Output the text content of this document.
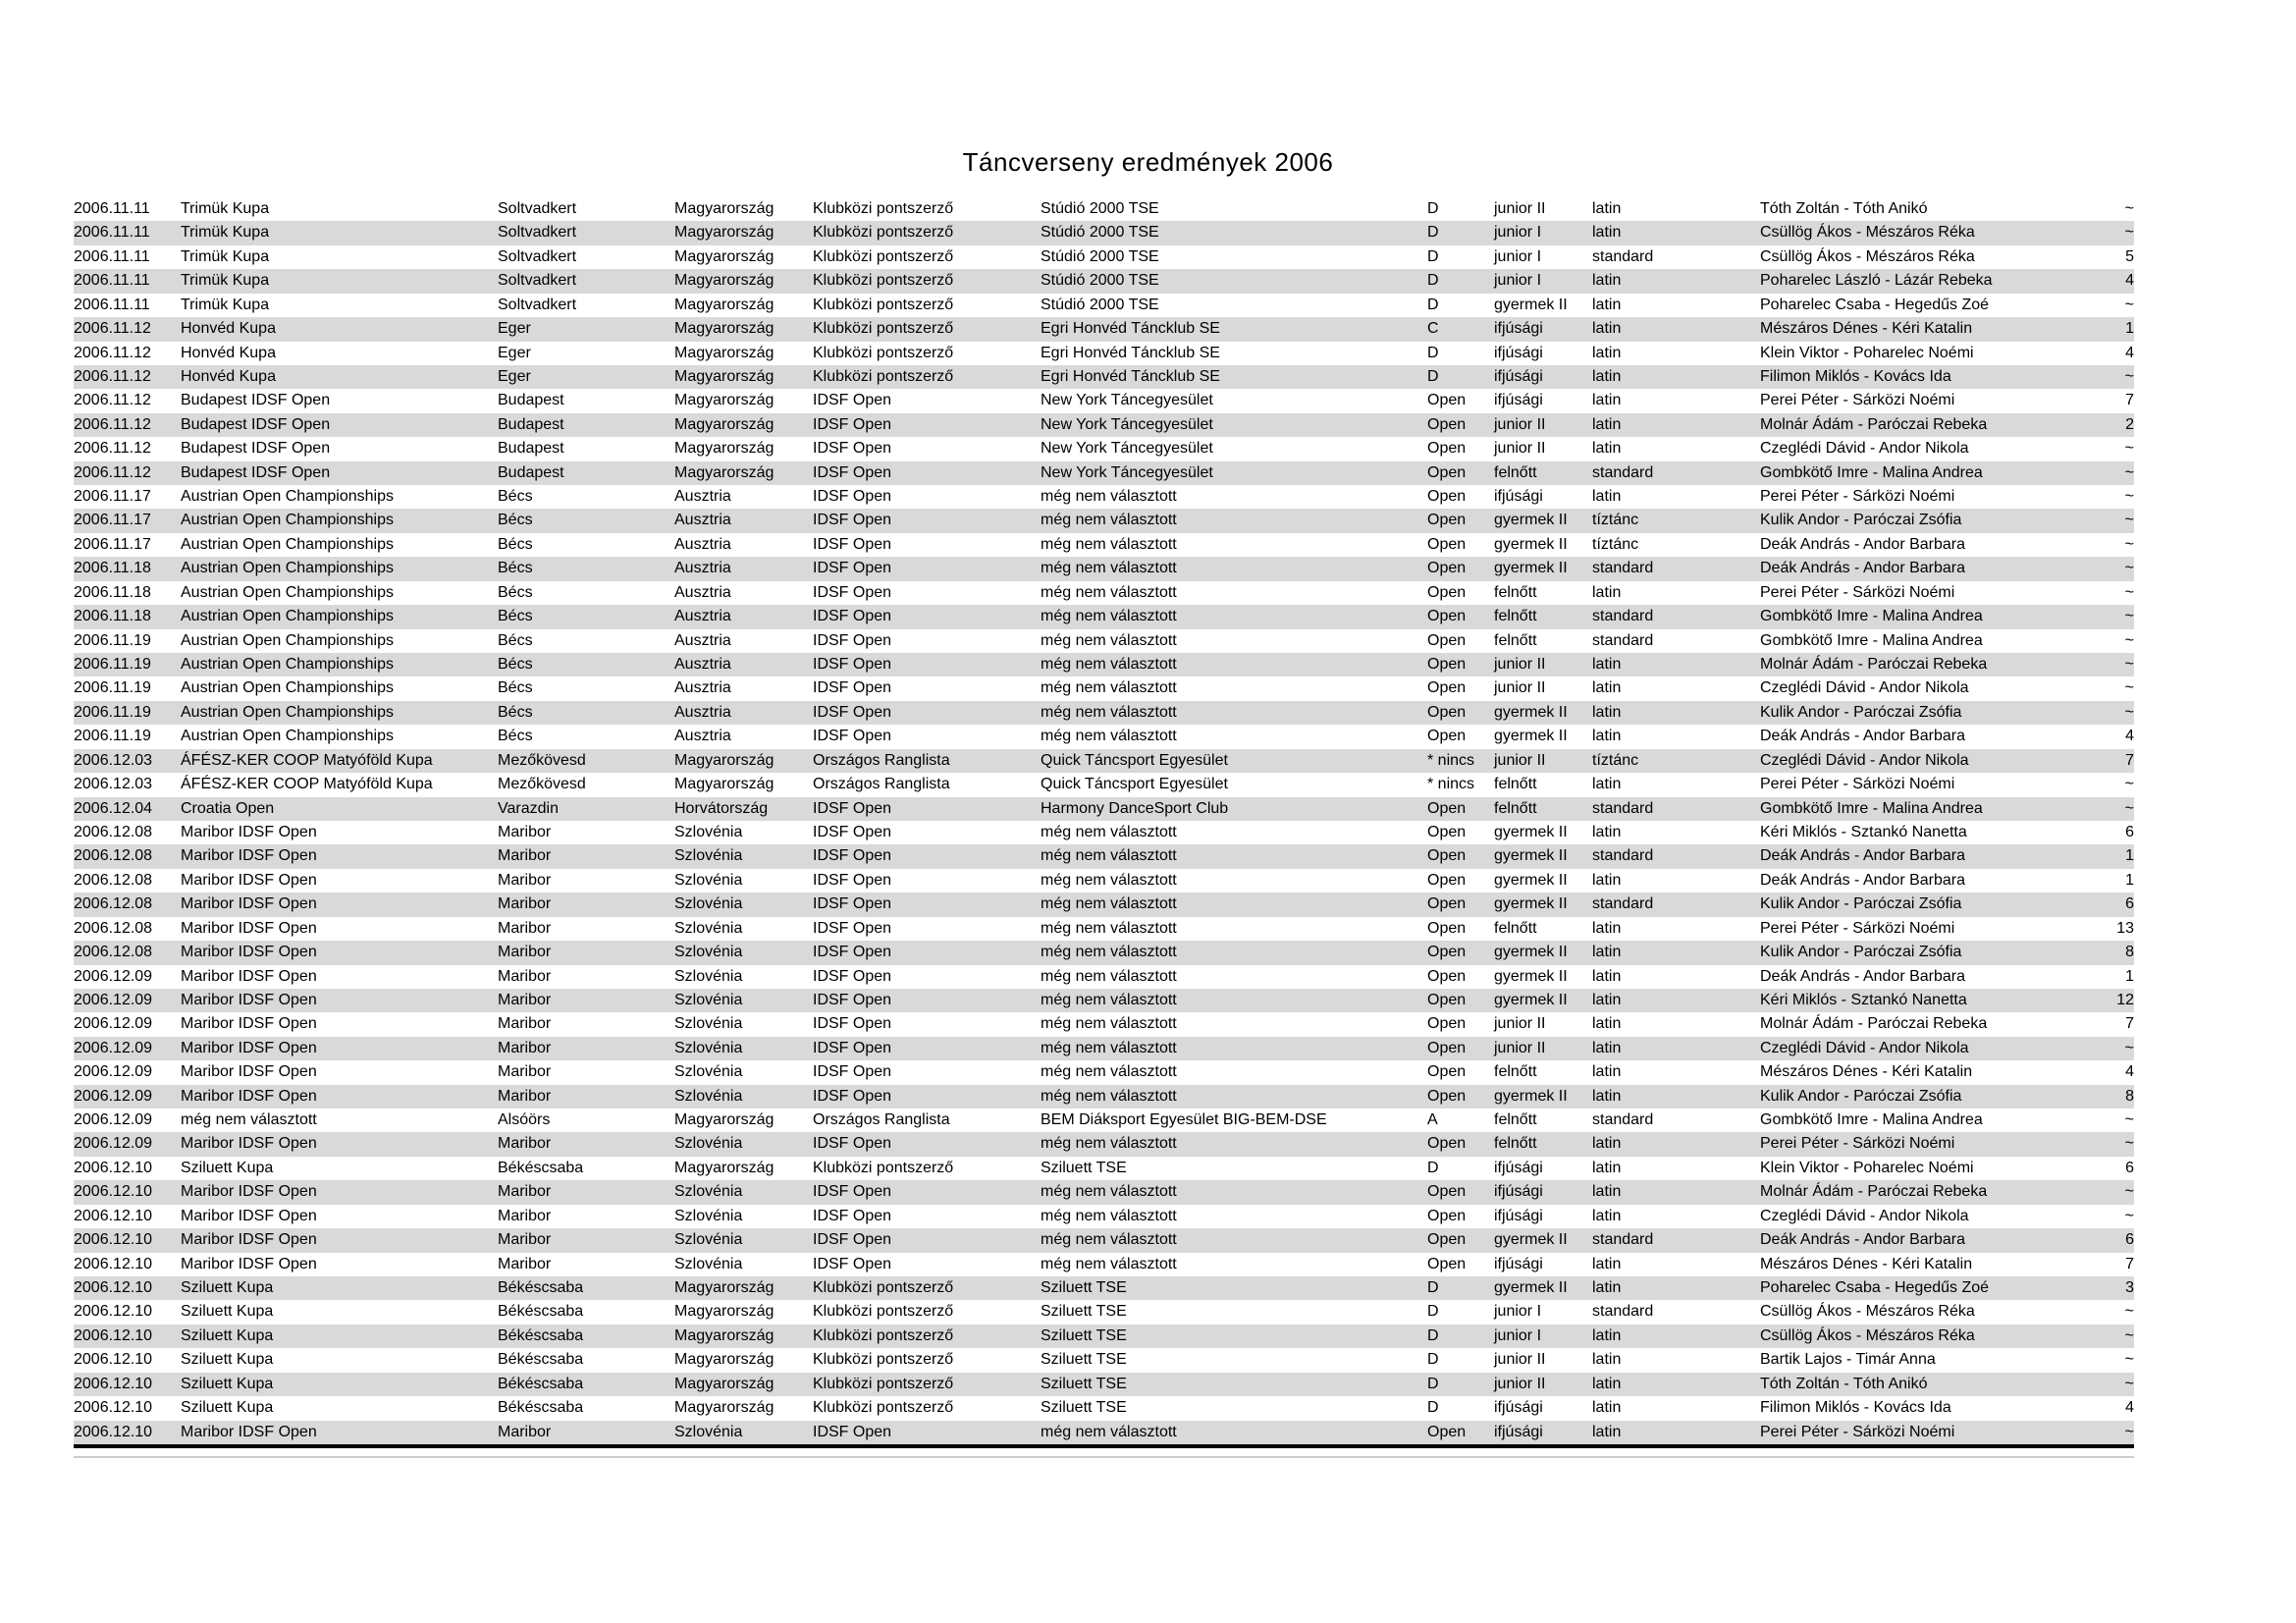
Táncverseny eredmények 2006
2006.11.11	Trimük Kupa	Soltvadkert	Magyarország	Klubközi pontszerző	Stúdió 2000 TSE	D	junior II	latin	Tóth Zoltán - Tóth Anikó	~
2006.11.11	Trimük Kupa	Soltvadkert	Magyarország	Klubközi pontszerző	Stúdió 2000 TSE	D	junior I	latin	Csüllög Ákos - Mészáros Réka	~
2006.11.11	Trimük Kupa	Soltvadkert	Magyarország	Klubközi pontszerző	Stúdió 2000 TSE	D	junior I	standard	Csüllög Ákos - Mészáros Réka	5
2006.11.11	Trimük Kupa	Soltvadkert	Magyarország	Klubközi pontszerző	Stúdió 2000 TSE	D	junior I	latin	Poharelec László - Lázár Rebeka	4
2006.11.11	Trimük Kupa	Soltvadkert	Magyarország	Klubközi pontszerző	Stúdió 2000 TSE	D	gyermek II	latin	Poharelec Csaba - Hegedűs Zoé	~
2006.11.12	Honvéd Kupa	Eger	Magyarország	Klubközi pontszerző	Egri Honvéd Táncklub SE	C	ifjúsági	latin	Mészáros Dénes - Kéri Katalin	1
2006.11.12	Honvéd Kupa	Eger	Magyarország	Klubközi pontszerző	Egri Honvéd Táncklub SE	D	ifjúsági	latin	Klein Viktor - Poharelec Noémi	4
2006.11.12	Honvéd Kupa	Eger	Magyarország	Klubközi pontszerző	Egri Honvéd Táncklub SE	D	ifjúsági	latin	Filimon Miklós - Kovács Ida	~
2006.11.12	Budapest IDSF Open	Budapest	Magyarország	IDSF Open	New York Táncegyesület	Open	ifjúsági	latin	Perei Péter - Sárközi Noémi	7
2006.11.12	Budapest IDSF Open	Budapest	Magyarország	IDSF Open	New York Táncegyesület	Open	junior II	latin	Molnár Ádám - Paróczai Rebeka	2
2006.11.12	Budapest IDSF Open	Budapest	Magyarország	IDSF Open	New York Táncegyesület	Open	junior II	latin	Czeglédi Dávid - Andor Nikola	~
2006.11.12	Budapest IDSF Open	Budapest	Magyarország	IDSF Open	New York Táncegyesület	Open	felnőtt	standard	Gombkötő Imre - Malina Andrea	~
2006.11.17	Austrian Open Championships	Bécs	Ausztria	IDSF Open	még nem választott	Open	ifjúsági	latin	Perei Péter - Sárközi Noémi	~
2006.11.17	Austrian Open Championships	Bécs	Ausztria	IDSF Open	még nem választott	Open	gyermek II	tíztánc	Kulik Andor - Paróczai Zsófia	~
2006.11.17	Austrian Open Championships	Bécs	Ausztria	IDSF Open	még nem választott	Open	gyermek II	tíztánc	Deák András - Andor Barbara	~
2006.11.18	Austrian Open Championships	Bécs	Ausztria	IDSF Open	még nem választott	Open	gyermek II	standard	Deák András - Andor Barbara	~
2006.11.18	Austrian Open Championships	Bécs	Ausztria	IDSF Open	még nem választott	Open	felnőtt	latin	Perei Péter - Sárközi Noémi	~
2006.11.18	Austrian Open Championships	Bécs	Ausztria	IDSF Open	még nem választott	Open	felnőtt	standard	Gombkötő Imre - Malina Andrea	~
2006.11.19	Austrian Open Championships	Bécs	Ausztria	IDSF Open	még nem választott	Open	felnőtt	standard	Gombkötő Imre - Malina Andrea	~
2006.11.19	Austrian Open Championships	Bécs	Ausztria	IDSF Open	még nem választott	Open	junior II	latin	Molnár Ádám - Paróczai Rebeka	~
2006.11.19	Austrian Open Championships	Bécs	Ausztria	IDSF Open	még nem választott	Open	junior II	latin	Czeglédi Dávid - Andor Nikola	~
2006.11.19	Austrian Open Championships	Bécs	Ausztria	IDSF Open	még nem választott	Open	gyermek II	latin	Kulik Andor - Paróczai Zsófia	~
2006.11.19	Austrian Open Championships	Bécs	Ausztria	IDSF Open	még nem választott	Open	gyermek II	latin	Deák András - Andor Barbara	4
2006.12.03	ÁFÉSZ-KER COOP Matyóföld Kupa	Mezőkövesd	Magyarország	Országos Ranglista	Quick Táncsport Egyesület	* nincs	junior II	tíztánc	Czeglédi Dávid - Andor Nikola	7
2006.12.03	ÁFÉSZ-KER COOP Matyóföld Kupa	Mezőkövesd	Magyarország	Országos Ranglista	Quick Táncsport Egyesület	* nincs	felnőtt	latin	Perei Péter - Sárközi Noémi	~
2006.12.04	Croatia Open	Varazdin	Horvátország	IDSF Open	Harmony DanceSport Club	Open	felnőtt	standard	Gombkötő Imre - Malina Andrea	~
2006.12.08	Maribor IDSF Open	Maribor	Szlovénia	IDSF Open	még nem választott	Open	gyermek II	latin	Kéri Miklós - Sztankó Nanetta	6
2006.12.08	Maribor IDSF Open	Maribor	Szlovénia	IDSF Open	még nem választott	Open	gyermek II	standard	Deák András - Andor Barbara	1
2006.12.08	Maribor IDSF Open	Maribor	Szlovénia	IDSF Open	még nem választott	Open	gyermek II	latin	Deák András - Andor Barbara	1
2006.12.08	Maribor IDSF Open	Maribor	Szlovénia	IDSF Open	még nem választott	Open	gyermek II	standard	Kulik Andor - Paróczai Zsófia	6
2006.12.08	Maribor IDSF Open	Maribor	Szlovénia	IDSF Open	még nem választott	Open	felnőtt	latin	Perei Péter - Sárközi Noémi	13
2006.12.08	Maribor IDSF Open	Maribor	Szlovénia	IDSF Open	még nem választott	Open	gyermek II	latin	Kulik Andor - Paróczai Zsófia	8
2006.12.09	Maribor IDSF Open	Maribor	Szlovénia	IDSF Open	még nem választott	Open	gyermek II	latin	Deák András - Andor Barbara	1
2006.12.09	Maribor IDSF Open	Maribor	Szlovénia	IDSF Open	még nem választott	Open	gyermek II	latin	Kéri Miklós - Sztankó Nanetta	12
2006.12.09	Maribor IDSF Open	Maribor	Szlovénia	IDSF Open	még nem választott	Open	junior II	latin	Molnár Ádám - Paróczai Rebeka	7
2006.12.09	Maribor IDSF Open	Maribor	Szlovénia	IDSF Open	még nem választott	Open	junior II	latin	Czeglédi Dávid - Andor Nikola	~
2006.12.09	Maribor IDSF Open	Maribor	Szlovénia	IDSF Open	még nem választott	Open	felnőtt	latin	Mészáros Dénes - Kéri Katalin	4
2006.12.09	Maribor IDSF Open	Maribor	Szlovénia	IDSF Open	még nem választott	Open	gyermek II	latin	Kulik Andor - Paróczai Zsófia	8
2006.12.09	még nem választott	Alsóörs	Magyarország	Országos Ranglista	BEM Diáksport Egyesület BIG-BEM-DSE	A	felnőtt	standard	Gombkötő Imre - Malina Andrea	~
2006.12.09	Maribor IDSF Open	Maribor	Szlovénia	IDSF Open	még nem választott	Open	felnőtt	latin	Perei Péter - Sárközi Noémi	~
2006.12.10	Sziluett Kupa	Békéscsaba	Magyarország	Klubközi pontszerző	Sziluett TSE	D	ifjúsági	latin	Klein Viktor - Poharelec Noémi	6
2006.12.10	Maribor IDSF Open	Maribor	Szlovénia	IDSF Open	még nem választott	Open	ifjúsági	latin	Molnár Ádám - Paróczai Rebeka	~
2006.12.10	Maribor IDSF Open	Maribor	Szlovénia	IDSF Open	még nem választott	Open	ifjúsági	latin	Czeglédi Dávid - Andor Nikola	~
2006.12.10	Maribor IDSF Open	Maribor	Szlovénia	IDSF Open	még nem választott	Open	gyermek II	standard	Deák András - Andor Barbara	6
2006.12.10	Maribor IDSF Open	Maribor	Szlovénia	IDSF Open	még nem választott	Open	ifjúsági	latin	Mészáros Dénes - Kéri Katalin	7
2006.12.10	Sziluett Kupa	Békéscsaba	Magyarország	Klubközi pontszerző	Sziluett TSE	D	gyermek II	latin	Poharelec Csaba - Hegedűs Zoé	3
2006.12.10	Sziluett Kupa	Békéscsaba	Magyarország	Klubközi pontszerző	Sziluett TSE	D	junior I	standard	Csüllög Ákos - Mészáros Réka	~
2006.12.10	Sziluett Kupa	Békéscsaba	Magyarország	Klubközi pontszerző	Sziluett TSE	D	junior I	latin	Csüllög Ákos - Mészáros Réka	~
2006.12.10	Sziluett Kupa	Békéscsaba	Magyarország	Klubközi pontszerző	Sziluett TSE	D	junior II	latin	Bartik Lajos - Timár Anna	~
2006.12.10	Sziluett Kupa	Békéscsaba	Magyarország	Klubközi pontszerző	Sziluett TSE	D	junior II	latin	Tóth Zoltán - Tóth Anikó	~
2006.12.10	Sziluett Kupa	Békéscsaba	Magyarország	Klubközi pontszerző	Sziluett TSE	D	ifjúsági	latin	Filimon Miklós - Kovács Ida	4
2006.12.10	Maribor IDSF Open	Maribor	Szlovénia	IDSF Open	még nem választott	Open	ifjúsági	latin	Perei Péter - Sárközi Noémi	~
